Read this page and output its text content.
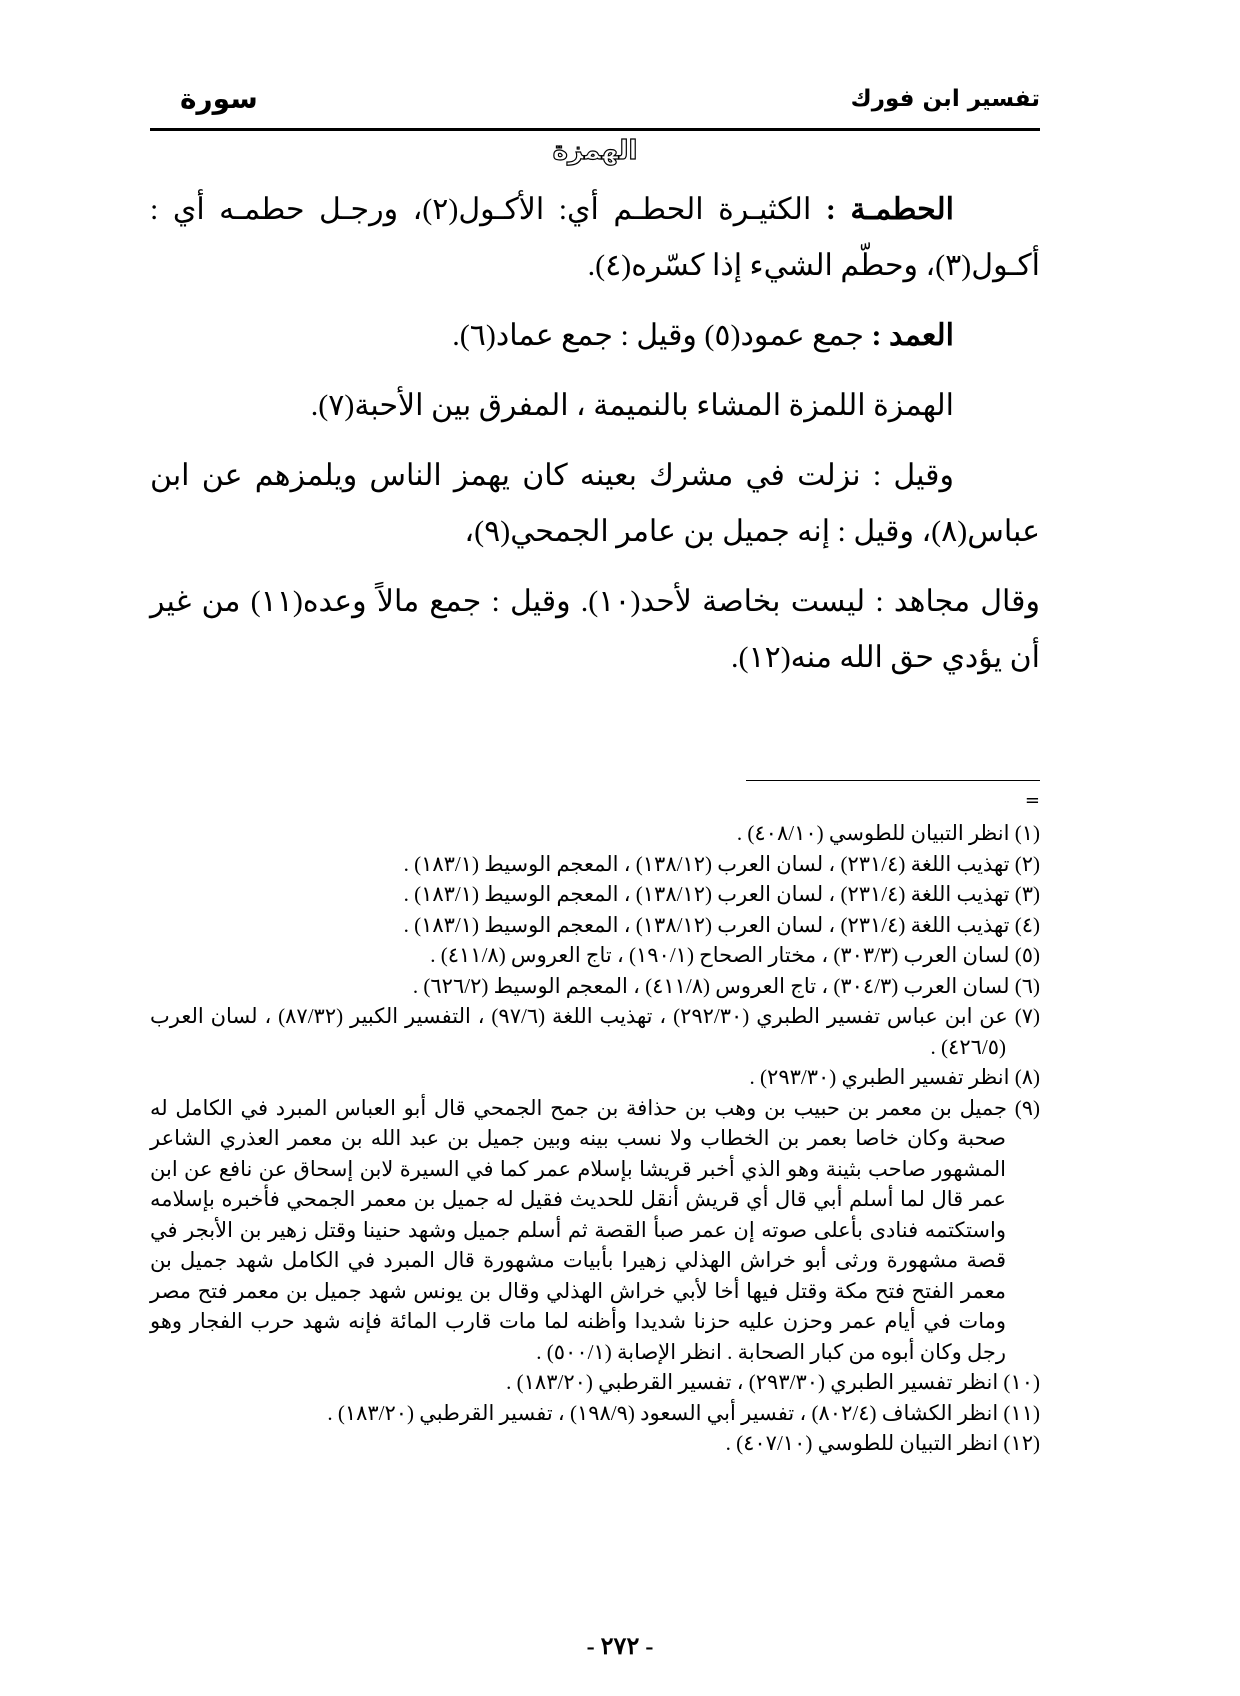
تفسير ابن فورك
سورة
الهمزة

الحطمـة : الكثيـرة الحطـم أي: الأكـول(٢)، ورجـل حطمـه أي : أكـول(٣)، وحطّم الشيء إذا كسّره(٤).

العمد : جمع عمود(٥) وقيل : جمع عماد(٦).

الهمزة اللمزة المشاء بالنميمة ، المفرق بين الأحبة(٧).

وقيل : نزلت في مشرك بعينه كان يهمز الناس ويلمزهم عن ابن عباس(٨)، وقيل : إنه جميل بن عامر الجمحي(٩)،

وقال مجاهد : ليست بخاصة لأحد(١٠). وقيل : جمع مالاً وعده(١١) من غير أن يؤدي حق الله منه(١٢).

=

(١) انظر التبيان للطوسي (٤٠٨/١٠) .

(٢) تهذيب اللغة (٢٣١/٤) ، لسان العرب (١٣٨/١٢) ، المعجم الوسيط (١٨٣/١) .

(٣) تهذيب اللغة (٢٣١/٤) ، لسان العرب (١٣٨/١٢) ، المعجم الوسيط (١٨٣/١) .

(٤) تهذيب اللغة (٢٣١/٤) ، لسان العرب (١٣٨/١٢) ، المعجم الوسيط (١٨٣/١) .

(٥) لسان العرب (٣٠٣/٣) ، مختار الصحاح (١٩٠/١) ، تاج العروس (٤١١/٨) .

(٦) لسان العرب (٣٠٤/٣) ، تاج العروس (٤١١/٨) ، المعجم الوسيط (٦٢٦/٢) .

(٧) عن ابن عباس تفسير الطبري (٢٩٢/٣٠) ، تهذيب اللغة (٩٧/٦) ، التفسير الكبير (٨٧/٣٢) ، لسان العرب (٤٢٦/٥) .

(٨) انظر تفسير الطبري (٢٩٣/٣٠) .

(٩) جميل بن معمر بن حبيب بن وهب بن حذافة بن جمح الجمحي قال أبو العباس المبرد في الكامل له صحبة وكان خاصا بعمر بن الخطاب ولا نسب بينه وبين جميل بن عبد الله بن معمر العذري الشاعر المشهور صاحب بثينة وهو الذي أخبر قريشا بإسلام عمر كما في السيرة لابن إسحاق عن نافع عن ابن عمر قال لما أسلم أبي قال أي قريش أنقل للحديث فقيل له جميل بن معمر الجمحي فأخبره بإسلامه واستكتمه فنادى بأعلى صوته إن عمر صبأ القصة ثم أسلم جميل وشهد حنينا وقتل زهير بن الأبجر في قصة مشهورة ورثى أبو خراش الهذلي زهيرا بأبيات مشهورة قال المبرد في الكامل شهد جميل بن معمر الفتح فتح مكة وقتل فيها أخا لأبي خراش الهذلي وقال بن يونس شهد جميل بن معمر فتح مصر ومات في أيام عمر وحزن عليه حزنا شديدا وأظنه لما مات قارب المائة فإنه شهد حرب الفجار وهو رجل وكان أبوه من كبار الصحابة . انظر الإصابة (٥٠٠/١) .

(١٠) انظر تفسير الطبري (٢٩٣/٣٠) ، تفسير القرطبي (١٨٣/٢٠) .

(١١) انظر الكشاف (٨٠٢/٤) ، تفسير أبي السعود (١٩٨/٩) ، تفسير القرطبي (١٨٣/٢٠) .

(١٢) انظر التبيان للطوسي (٤٠٧/١٠) .

- ٢٧٢ -
